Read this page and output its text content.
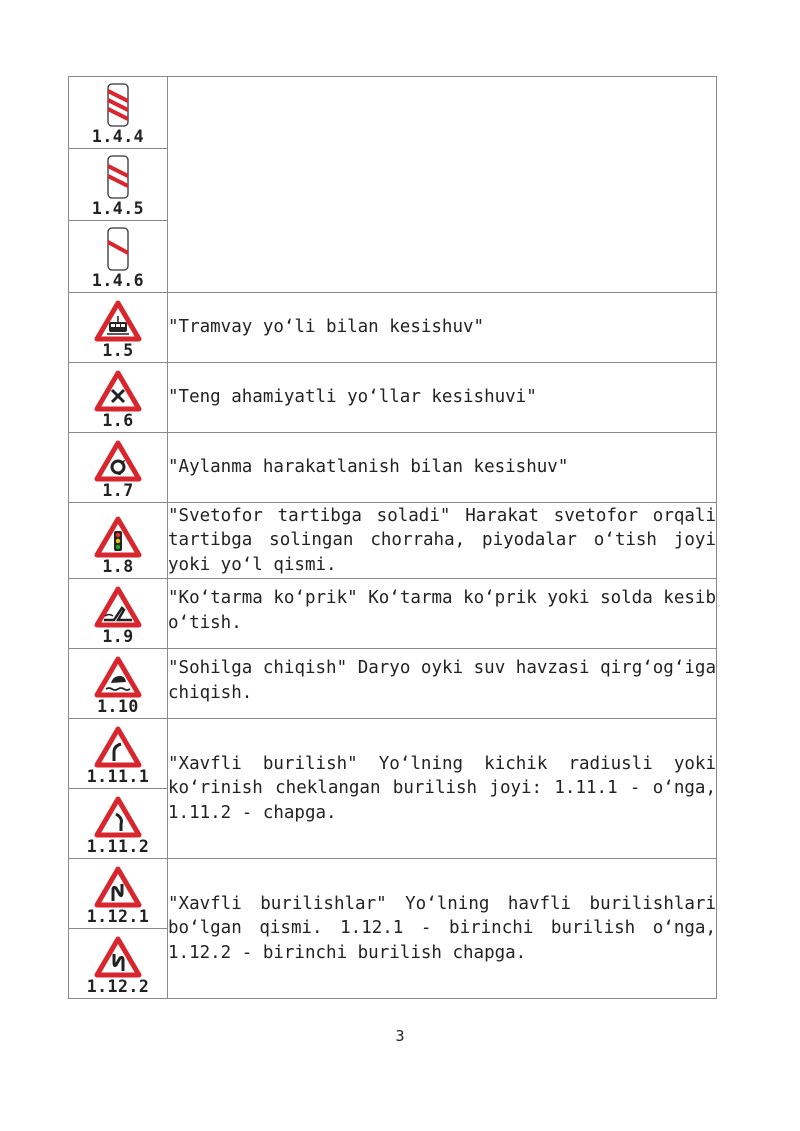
1.4.4	

1.4.5	

1.4.6	

1.5	"Tramvay yo‘li bilan kesishuv"

1.6	"Teng ahamiyatli yo‘llar kesishuvi"

1.7	"Aylanma harakatlanish bilan kesishuv"

1.8	"Svetofor tartibga soladi" Harakat svetofor orqali tartibga solingan chorraha, piyodalar o‘tish joyi yoki yo‘l qismi.

1.9	"Ko‘tarma ko‘prik" Ko‘tarma ko‘prik yoki solda kesib o‘tish.

1.10	"Sohilga chiqish" Daryo oyki suv havzasi qirg‘og‘iga chiqish.

1.11.1	"Xavfli burilish" Yo‘lning kichik radiusli yoki ko‘rinish cheklangan burilish joyi: 1.11.1 - o‘nga, 1.11.2 - chapga.

1.11.2	

1.12.1	"Xavfli burilishlar" Yo‘lning havfli burilishlari bo‘lgan qismi. 1.12.1 - birinchi burilish o‘nga, 1.12.2 - birinchi burilish chapga.

1.12.2	
3
